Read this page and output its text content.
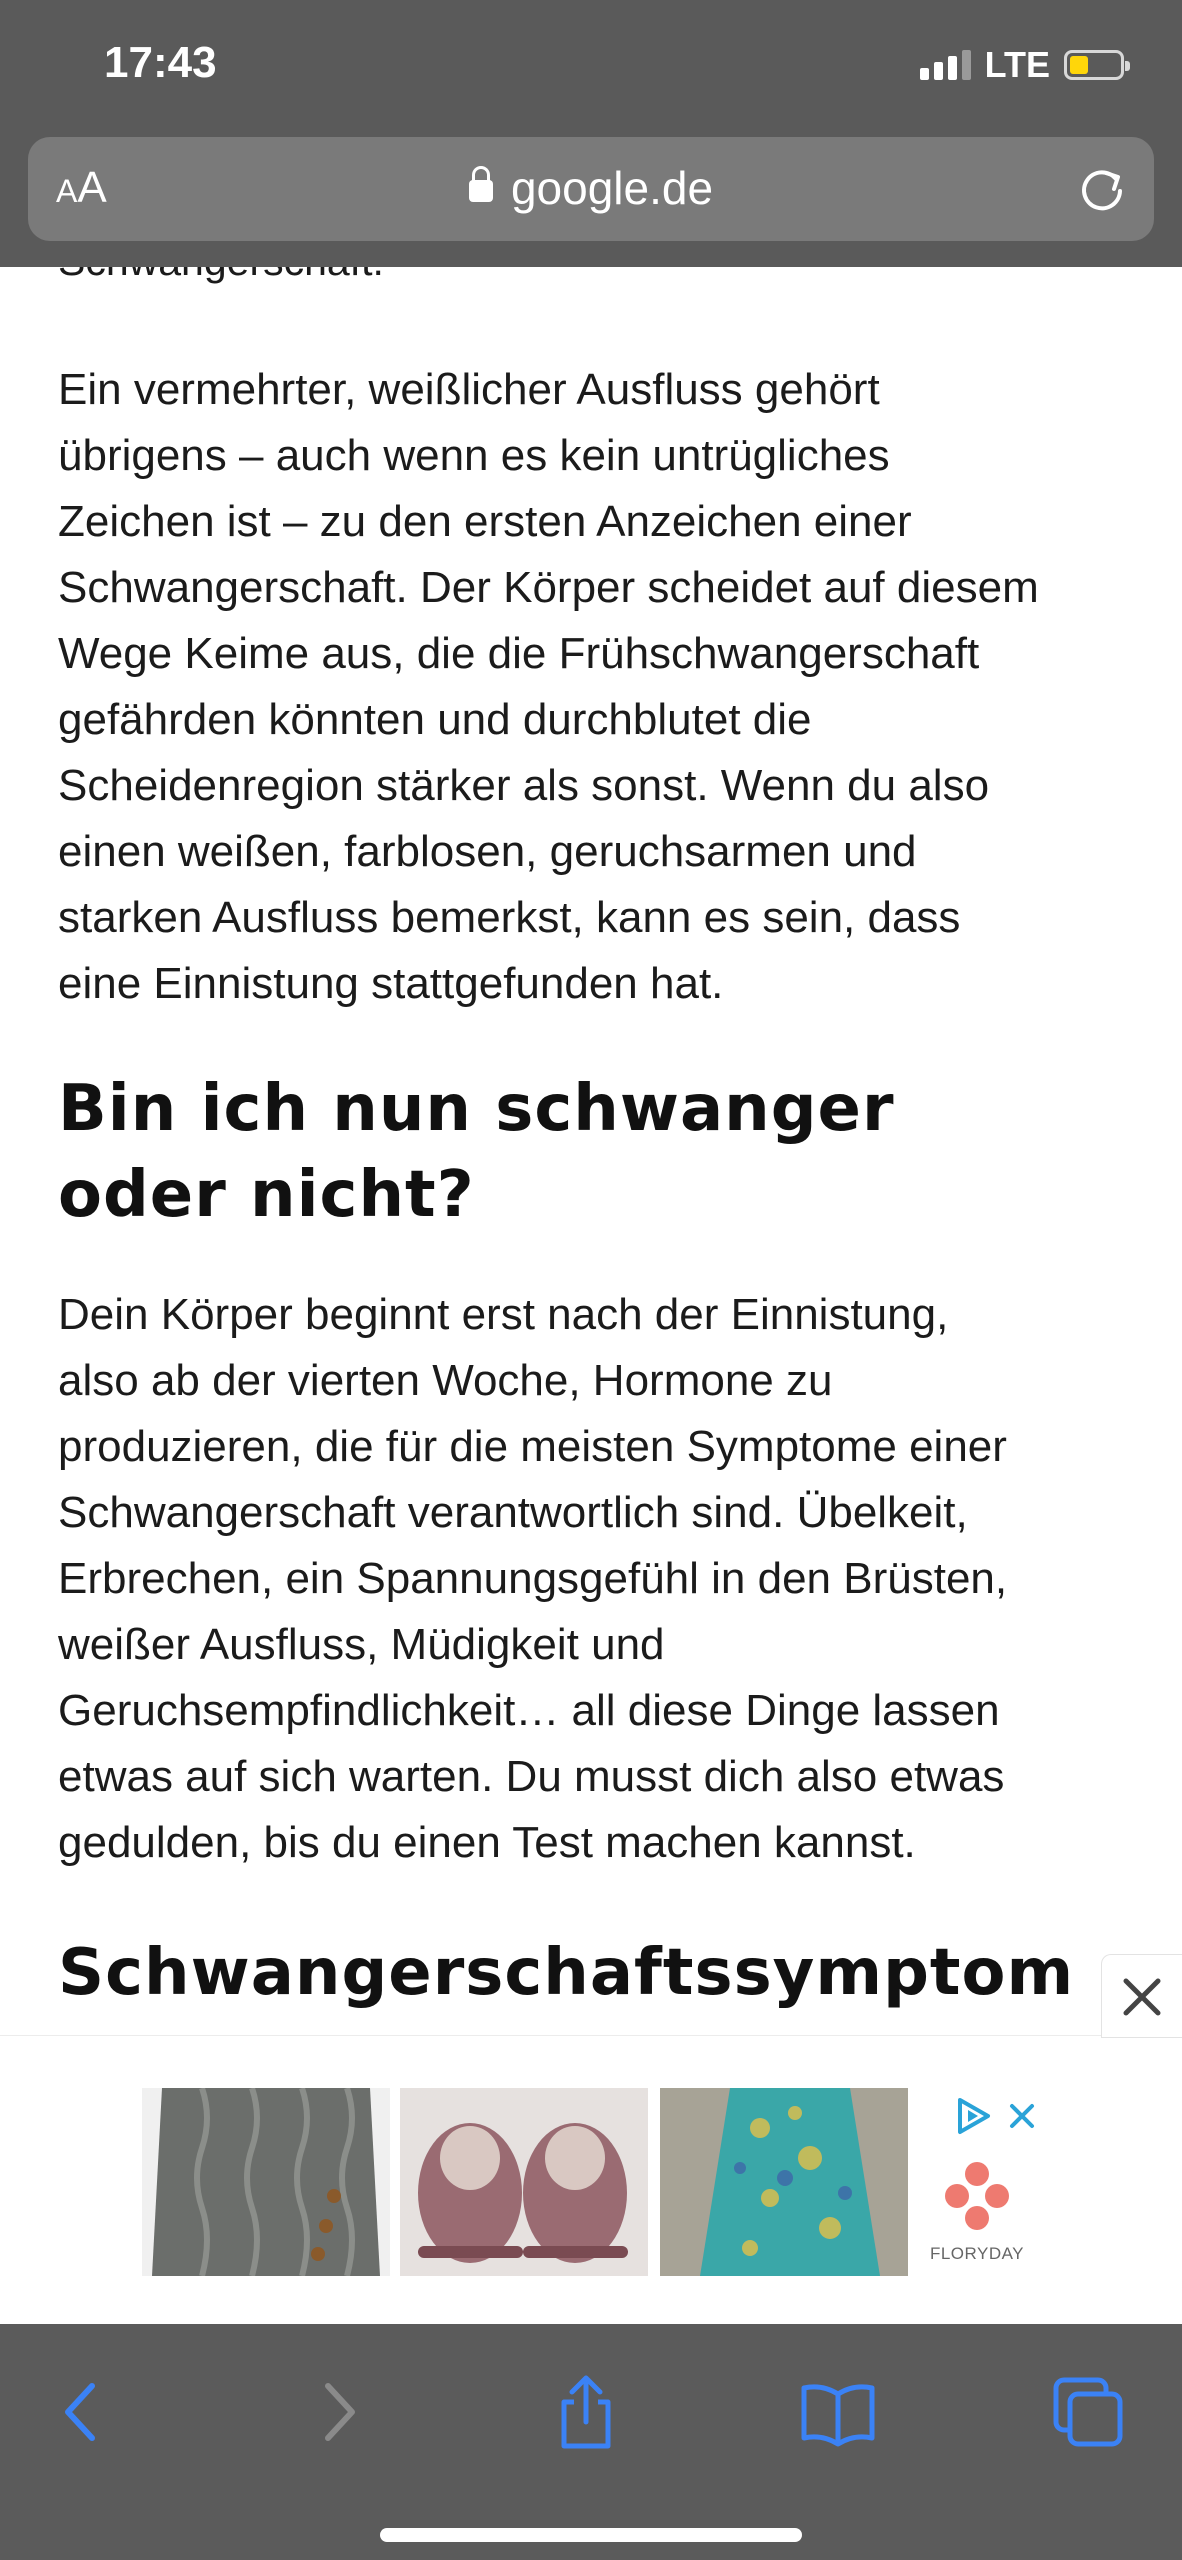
17:43	LTE
AA	google.de

Ein vermehrter, weißlicher Ausfluss gehört
übrigens – auch wenn es kein untrügliches
Zeichen ist – zu den ersten Anzeichen einer
Schwangerschaft. Der Körper scheidet auf diesem
Wege Keime aus, die die Frühschwangerschaft
gefährden könnten und durchblutet die
Scheidenregion stärker als sonst. Wenn du also
einen weißen, farblosen, geruchsarmen und
starken Ausfluss bemerkst, kann es sein, dass
eine Einnistung stattgefunden hat.

Bin ich nun schwanger
oder nicht?

Dein Körper beginnt erst nach der Einnistung,
also ab der vierten Woche, Hormone zu
produzieren, die für die meisten Symptome einer
Schwangerschaft verantwortlich sind. Übelkeit,
Erbrechen, ein Spannungsgefühl in den Brüsten,
weißer Ausfluss, Müdigkeit und
Geruchsempfindlichkeit… all diese Dinge lassen
etwas auf sich warten. Du musst dich also etwas
gedulden, bis du einen Test machen kannst.

Schwangerschaftssymptom
FLORYDAY
